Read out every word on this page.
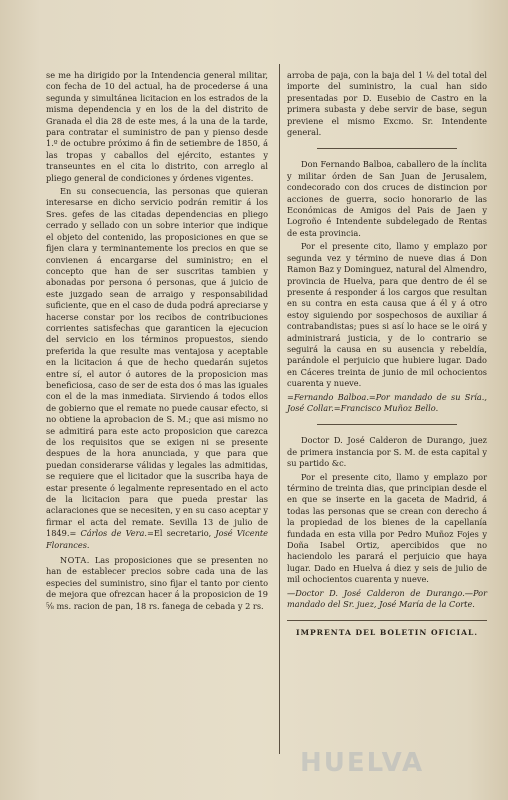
se me ha dirigido por la Intendencia general militar, con fecha de 10 del actual, ha de procederse á una segunda y simultánea licitacion en los estrados de la misma dependencia y en los de la del distrito de Granada el dia 28 de este mes, á la una de la tarde, para contratar el suministro de pan y pienso desde 1.º de octubre próximo á fin de setiembre de 1850, á las tropas y caballos del ejército, estantes y transeuntes en el cita lo distrito, con arreglo al pliego general de condiciones y órdenes vigentes.

En su consecuencia, las personas que quieran interesarse en dicho servicio podrán remitir á los Sres. gefes de las citadas dependencias en pliego cerrado y sellado con un sobre interior que indique el objeto del contenido, las proposiciones en que se fijen clara y terminantemente los precios en que se convienen á encargarse del suministro; en el concepto que han de ser suscritas tambien y abonadas por persona ó personas, que á juicio de este juzgado sean de arraigo y responsabilidad suficiente, que en el caso de duda podrá apreciarse y hacerse constar por los recibos de contribuciones corrientes satisfechas que garanticen la ejecucion del servicio en los términos propuestos, siendo preferida la que resulte mas ventajosa y aceptable en la licitacion á que de hecho quedarán sujetos entre sí, el autor ó autores de la proposicion mas beneficiosa, caso de ser de esta dos ó mas las iguales con el de la mas inmediata. Sirviendo á todos ellos de gobierno que el remate no puede causar efecto, si no obtiene la aprobacion de S. M.; que asi mismo no se admitirá para este acto proposicion que carezca de los requisitos que se exigen ni se presente despues de la hora anunciada, y que para que puedan considerarse válidas y legales las admitidas, se requiere que el licitador que la suscriba haya de estar presente ó legalmente representado en el acto de la licitacion para que pueda prestar las aclaraciones que se necesiten, y en su caso aceptar y firmar el acta del remate. Sevilla 13 de julio de 1849.= Cárlos de Vera.=El secretario, José Vicente Florances.

NOTA. Las proposiciones que se presenten no han de establecer precios sobre cada una de las especies del suministro, sino fijar el tanto por ciento de mejora que ofrezcan hacer á la proposicion de 19 ⅝ ms. racion de pan, 18 rs. fanega de cebada y 2 rs.

arroba de paja, con la baja del 1 ⅛ del total del importe del suministro, la cual han sido presentadas por D. Eusebio de Castro en la primera subasta y debe servir de base, segun previene el mismo Excmo. Sr. Intendente general.

Don Fernando Balboa, caballero de la ínclita y militar órden de San Juan de Jerusalem, condecorado con dos cruces de distincion por acciones de guerra, socio honorario de las Económicas de Amigos del Pais de Jaen y Logroño é Intendente subdelegado de Rentas de esta provincia.

Por el presente cito, llamo y emplazo por segunda vez y término de nueve dias á Don Ramon Baz y Dominguez, natural del Almendro, provincia de Huelva, para que dentro de él se presente á responder á los cargos que resultan en su contra en esta causa que á él y á otro estoy siguiendo por sospechosos de auxiliar á contrabandistas; pues si así lo hace se le oirá y administrará justicia, y de lo contrario se seguirá la causa en su ausencia y rebeldía, parándole el perjuicio que hubiere lugar. Dado en Cáceres treinta de junio de mil ochocientos cuarenta y nueve.

=Fernando Balboa.=Por mandado de su Sría., José Collar.=Francisco Muñoz Bello.

Doctor D. José Calderon de Durango, juez de primera instancia por S. M. de esta capital y su partido &c.

Por el presente cito, llamo y emplazo por término de treinta dias, que principian desde el en que se inserte en la gaceta de Madrid, á todas las personas que se crean con derecho á la propiedad de los bienes de la capellanía fundada en esta villa por Pedro Muñoz Fojes y Doña Isabel Ortiz, apercibidos que no haciendolo les parará el perjuicio que haya lugar. Dado en Huelva á diez y seis de julio de mil ochocientos cuarenta y nueve.

—Doctor D. José Calderon de Durango.—Por mandado del Sr. juez, José María de la Corte.

IMPRENTA DEL BOLETIN OFICIAL.

HUELVA
